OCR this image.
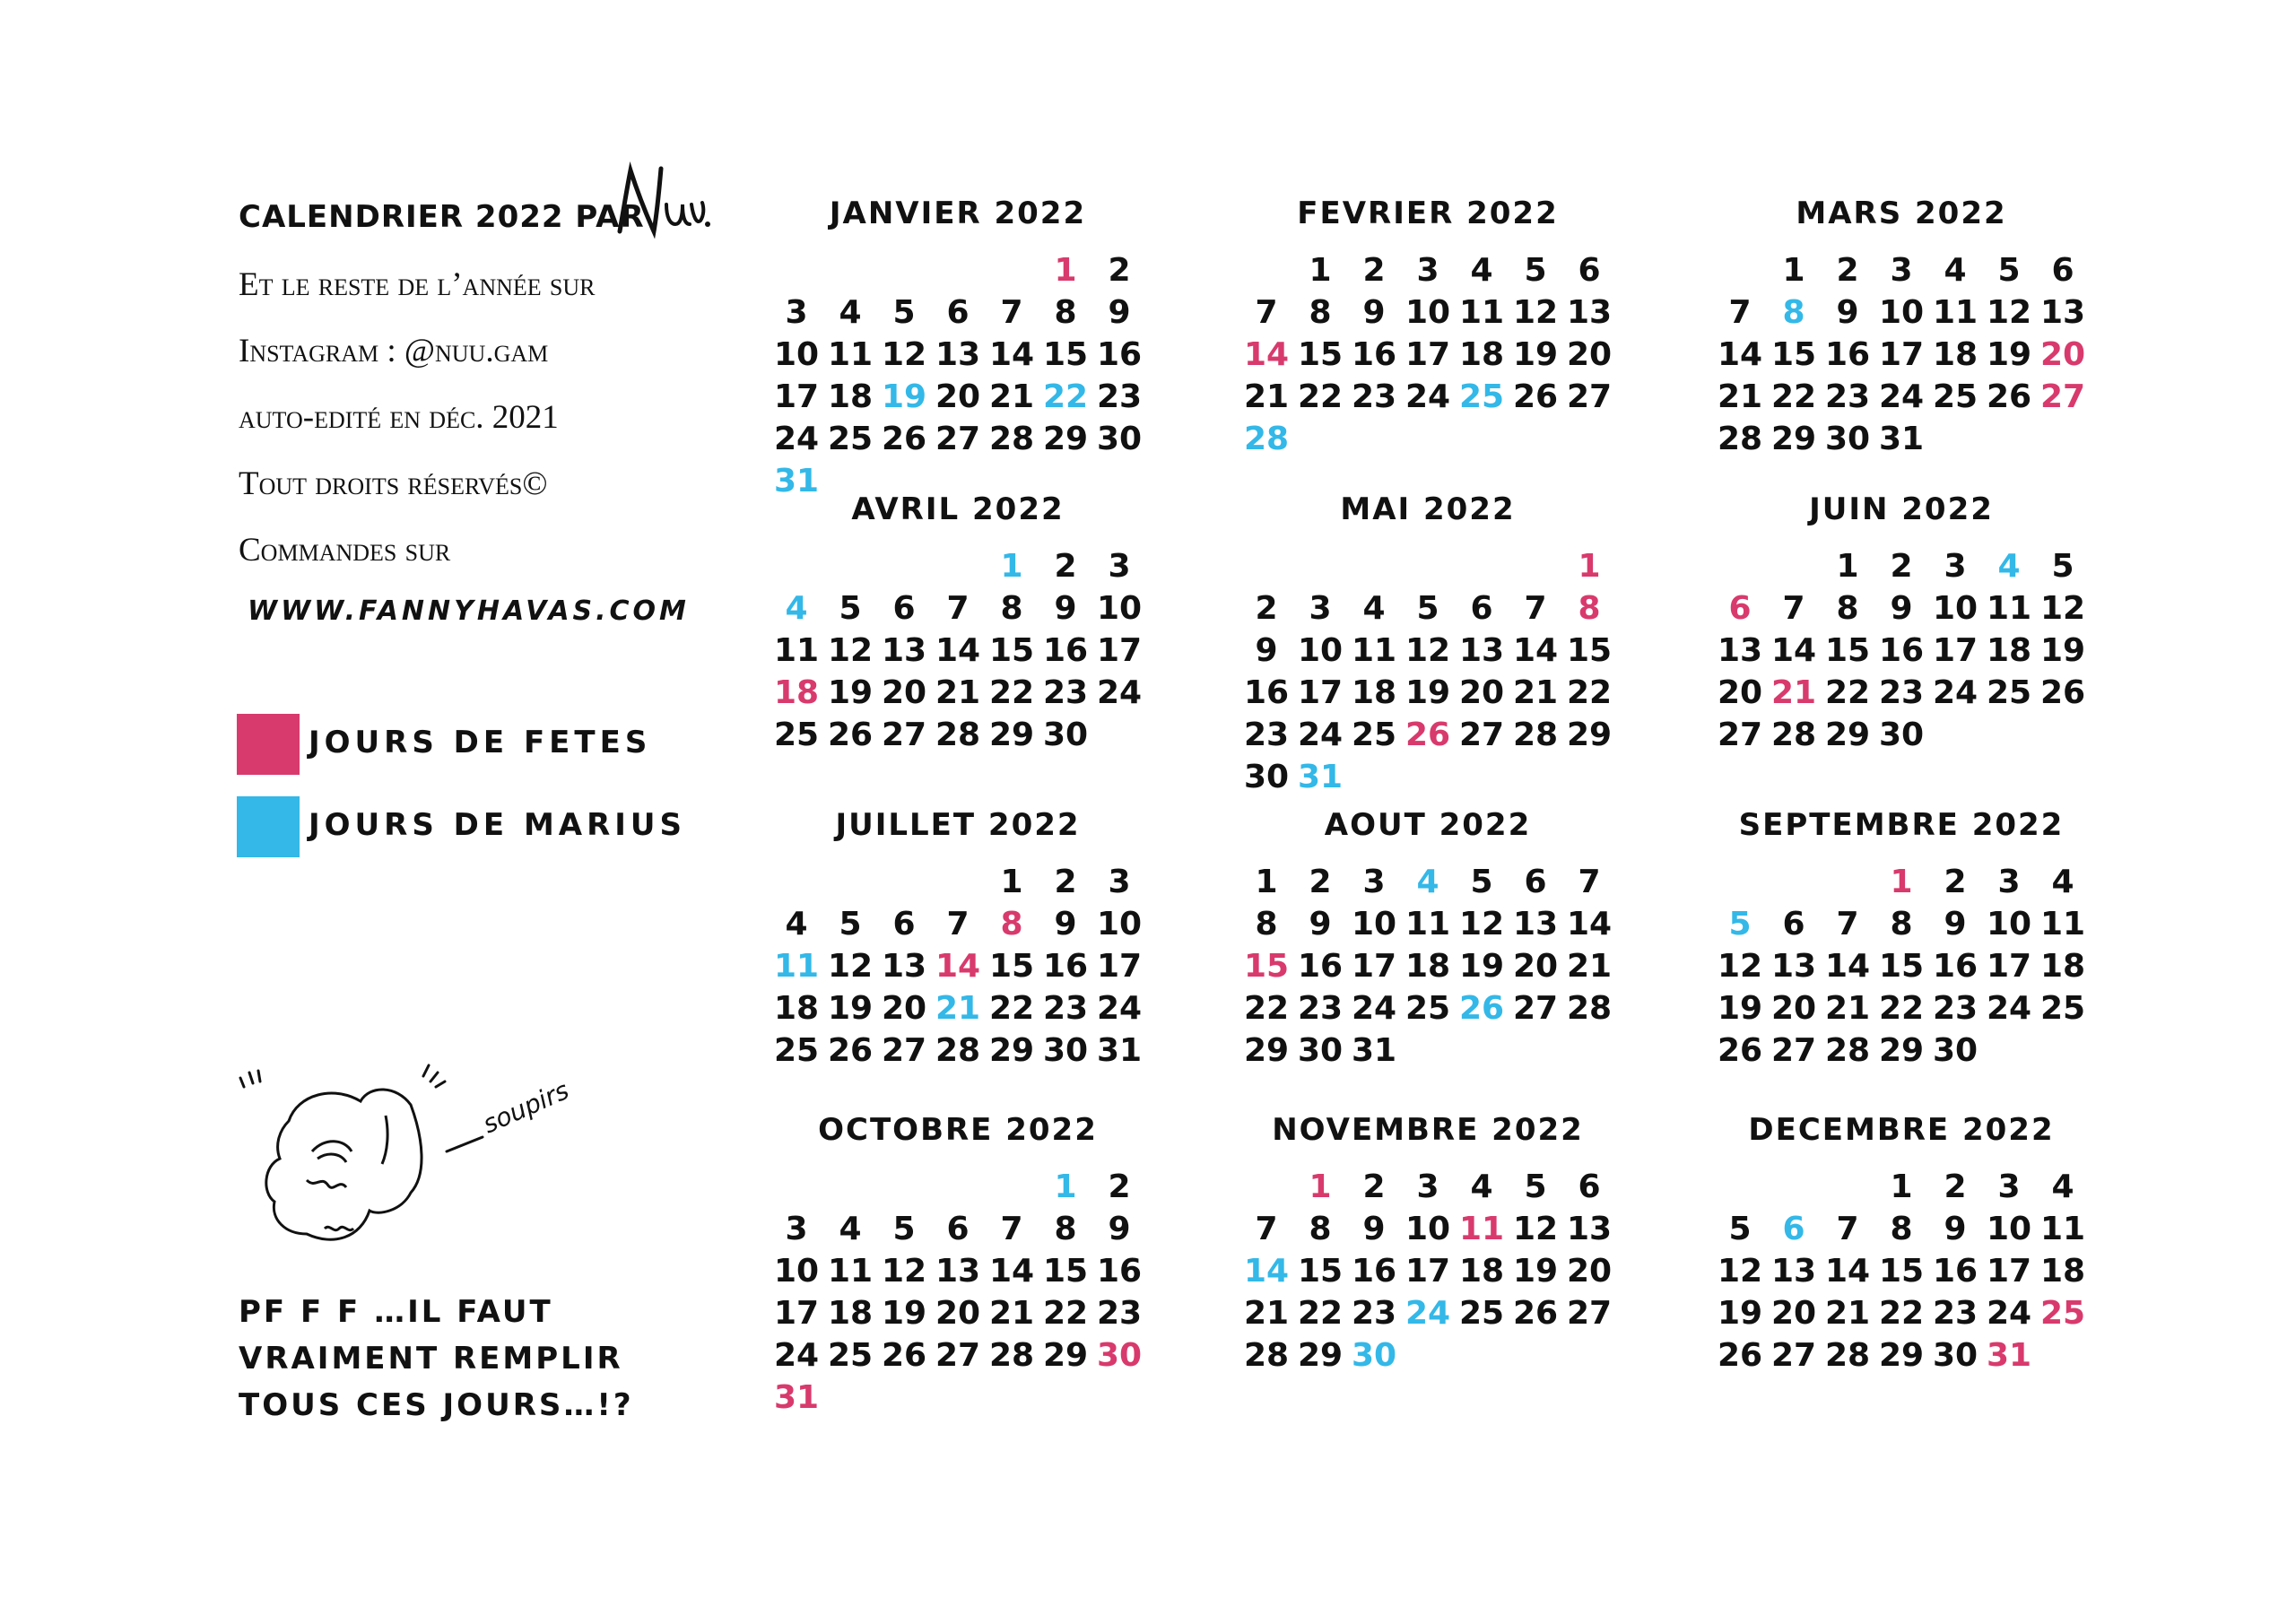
CALENDRIER 2022 PAR
Et le reste de l’année sur
Instagram : @nuu.gam
auto-edité en déc. 2021
Tout droits réservés©
Commandes sur
WWW.FANNYHAVAS.COM
JOURS DE FETES
JOURS DE MARIUS
soupirs
PF F F …IL FAUT VRAIMENT REMPLIR
TOUS CES JOURS…!?
JANVIER 2022
1 2
3 4 5 6 7 8 9
10 11 12 13 14 15 16
17 18 19 20 21 22 23
24 25 26 27 28 29 30
31
FEVRIER 2022
1 2 3 4 5 6
7 8 9 10 11 12 13
14 15 16 17 18 19 20
21 22 23 24 25 26 27
28
MARS 2022
1 2 3 4 5 6
7 8 9 10 11 12 13
14 15 16 17 18 19 20
21 22 23 24 25 26 27
28 29 30 31
AVRIL 2022
1 2 3
4 5 6 7 8 9 10
11 12 13 14 15 16 17
18 19 20 21 22 23 24
25 26 27 28 29 30
MAI 2022
1
2 3 4 5 6 7 8
9 10 11 12 13 14 15
16 17 18 19 20 21 22
23 24 25 26 27 28 29
30 31
JUIN 2022
1 2 3 4 5
6 7 8 9 10 11 12
13 14 15 16 17 18 19
20 21 22 23 24 25 26
27 28 29 30
JUILLET 2022
1 2 3
4 5 6 7 8 9 10
11 12 13 14 15 16 17
18 19 20 21 22 23 24
25 26 27 28 29 30 31
AOUT 2022
1 2 3 4 5 6 7
8 9 10 11 12 13 14
15 16 17 18 19 20 21
22 23 24 25 26 27 28
29 30 31
SEPTEMBRE 2022
1 2 3 4
5 6 7 8 9 10 11
12 13 14 15 16 17 18
19 20 21 22 23 24 25
26 27 28 29 30
OCTOBRE 2022
1 2
3 4 5 6 7 8 9
10 11 12 13 14 15 16
17 18 19 20 21 22 23
24 25 26 27 28 29 30
31
NOVEMBRE 2022
1 2 3 4 5 6
7 8 9 10 11 12 13
14 15 16 17 18 19 20
21 22 23 24 25 26 27
28 29 30
DECEMBRE 2022
1 2 3 4
5 6 7 8 9 10 11
12 13 14 15 16 17 18
19 20 21 22 23 24 25
26 27 28 29 30 31
